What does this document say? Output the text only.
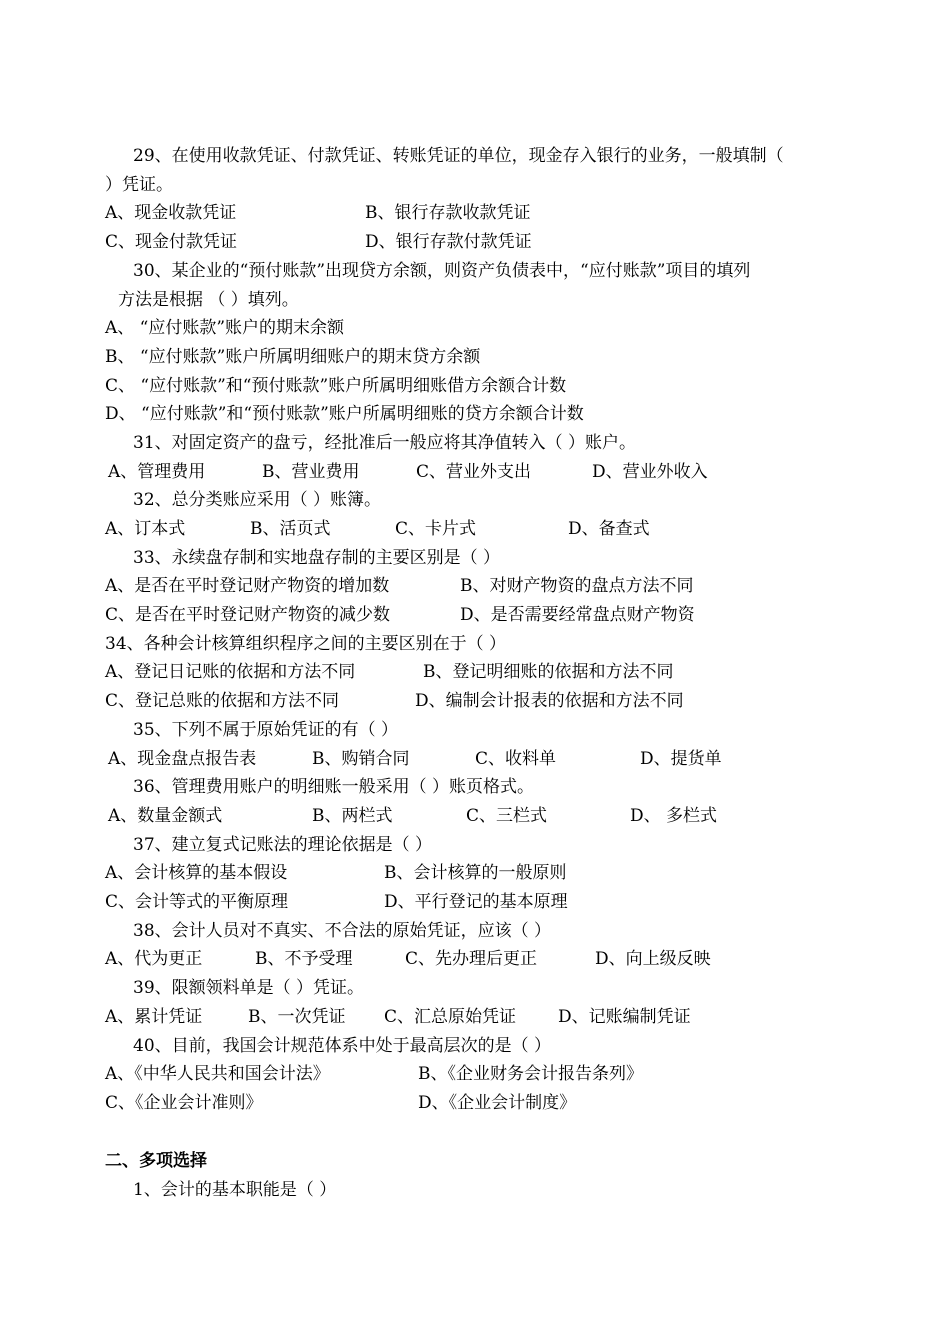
29、在使用收款凭证、付款凭证、转账凭证的单位，现金存入银行的业务，一般填制（
）凭证。
A、现金收款凭证	B、银行存款收款凭证
C、现金付款凭证	D、银行存款付款凭证
30、某企业的“预付账款”出现贷方余额，则资产负债表中，“应付账款”项目的填列
方法是根据 （ ）填列。
A、 “应付账款”账户的期末余额
B、 “应付账款”账户所属明细账户的期末贷方余额
C、 “应付账款”和“预付账款”账户所属明细账借方余额合计数
D、 “应付账款”和“预付账款”账户所属明细账的贷方余额合计数
31、对固定资产的盘亏，经批准后一般应将其净值转入（ ）账户。
A、管理费用	B、营业费用	C、营业外支出	D、营业外收入
32、总分类账应采用（ ）账簿。
A、订本式	B、活页式	C、卡片式	D、备查式
33、永续盘存制和实地盘存制的主要区别是（ ）
A、是否在平时登记财产物资的增加数	B、对财产物资的盘点方法不同
C、是否在平时登记财产物资的减少数	D、是否需要经常盘点财产物资
34、各种会计核算组织程序之间的主要区别在于（ ）
A、登记日记账的依据和方法不同	B、登记明细账的依据和方法不同
C、登记总账的依据和方法不同	D、编制会计报表的依据和方法不同
35、下列不属于原始凭证的有（ ）
A、现金盘点报告表	B、购销合同	C、收料单	D、提货单
36、管理费用账户的明细账一般采用（ ）账页格式。
A、数量金额式	B、两栏式	C、三栏式	D、 多栏式
37、建立复式记账法的理论依据是（ ）
A、会计核算的基本假设	B、会计核算的一般原则
C、会计等式的平衡原理	D、平行登记的基本原理
38、会计人员对不真实、不合法的原始凭证，应该（ ）
A、代为更正	B、不予受理	C、先办理后更正	D、向上级反映
39、限额领料单是（ ）凭证。
A、累计凭证	B、一次凭证 C、汇总原始凭证 D、记账编制凭证
40、目前，我国会计规范体系中处于最高层次的是（ ）
A、《中华人民共和国会计法》	B、《企业财务会计报告条列》
C、《企业会计准则》	D、《企业会计制度》
二、多项选择
1、会计的基本职能是（ ）
